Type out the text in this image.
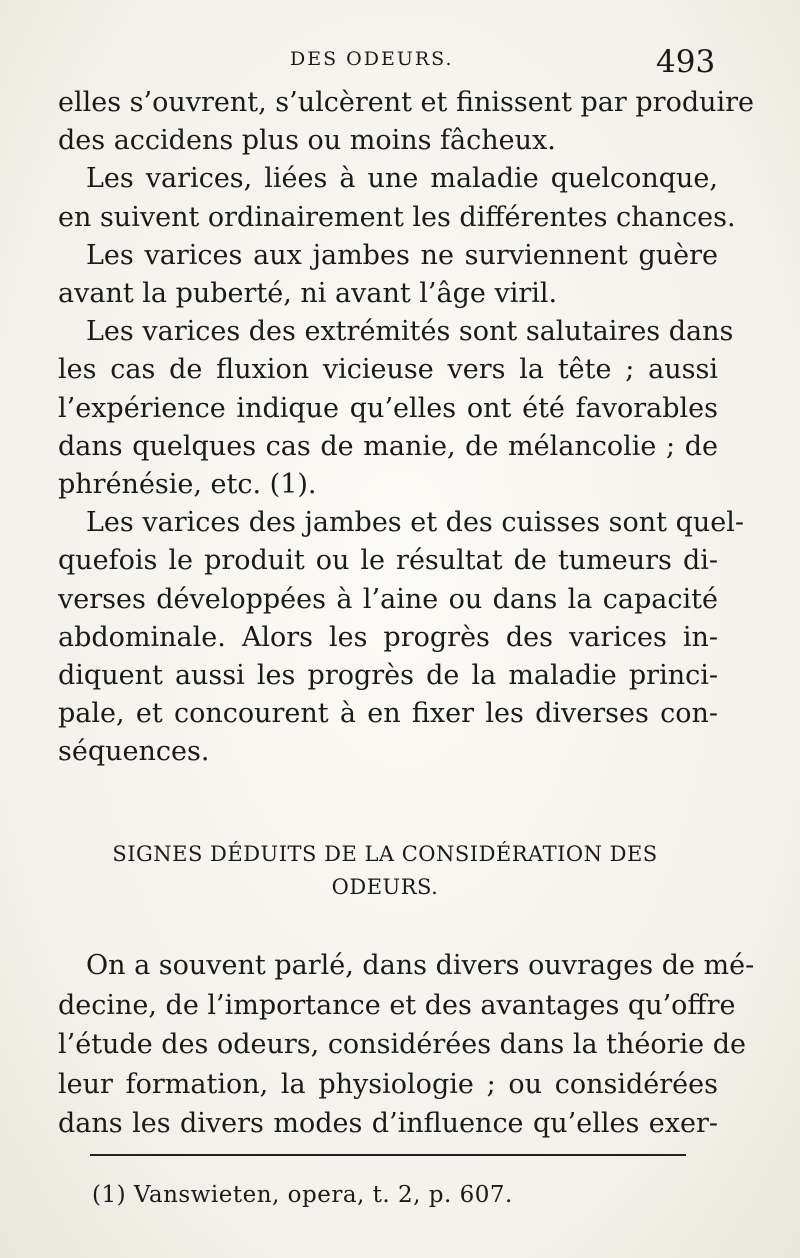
DES ODEURS.	493
elles s’ouvrent, s’ulcèrent et finissent par produire
des accidens plus ou moins fâcheux.
Les varices, liées à une maladie quelconque,
en suivent ordinairement les différentes chances.
Les varices aux jambes ne surviennent guère
avant la puberté, ni avant l’âge viril.
Les varices des extrémités sont salutaires dans
les cas de fluxion vicieuse vers la tête ; aussi
l’expérience indique qu’elles ont été favorables
dans quelques cas de manie, de mélancolie ; de
phrénésie, etc. (1).
Les varices des jambes et des cuisses sont quel-
quefois le produit ou le résultat de tumeurs di-
verses développées à l’aine ou dans la capacité
abdominale. Alors les progrès des varices in-
diquent aussi les progrès de la maladie princi-
pale, et concourent à en fixer les diverses con-
séquences.
SIGNES DÉDUITS DE LA CONSIDÉRATION DES
ODEURS.
On a souvent parlé, dans divers ouvrages de mé-
decine, de l’importance et des avantages qu’offre
l’étude des odeurs, considérées dans la théorie de
leur formation, la physiologie ; ou considérées
dans les divers modes d’influence qu’elles exer-
(1) Vanswieten, opera, t. 2, p. 607.
